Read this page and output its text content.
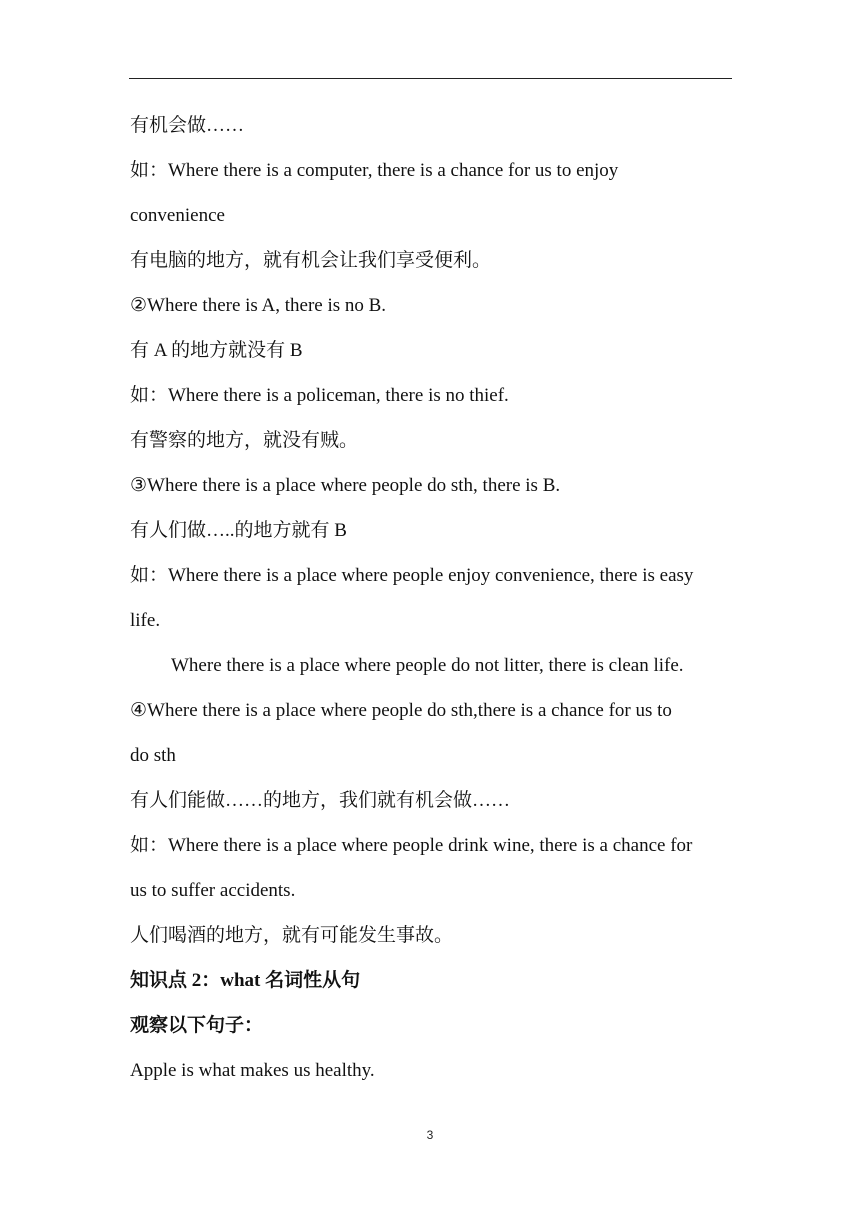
有机会做……
如：Where there is a computer, there is a chance for us to enjoy
convenience
有电脑的地方，就有机会让我们享受便利。
②Where there is A, there is no B.
有 A 的地方就没有 B
如：Where there is a policeman, there is no thief.
有警察的地方，就没有贼。
③Where there is a place where people do sth, there is B.
有人们做…..的地方就有 B
如：Where there is a place where people enjoy convenience, there is easy
life.
Where there is a place where people do not litter, there is clean life.
④Where there is a place where people do sth,there is a chance for us to
do sth
有人们能做……的地方，我们就有机会做……
如：Where there is a place where people drink wine, there is a chance for
us to suffer accidents.
人们喝酒的地方，就有可能发生事故。
知识点 2：what 名词性从句
观察以下句子：
Apple is what makes us healthy.
3
